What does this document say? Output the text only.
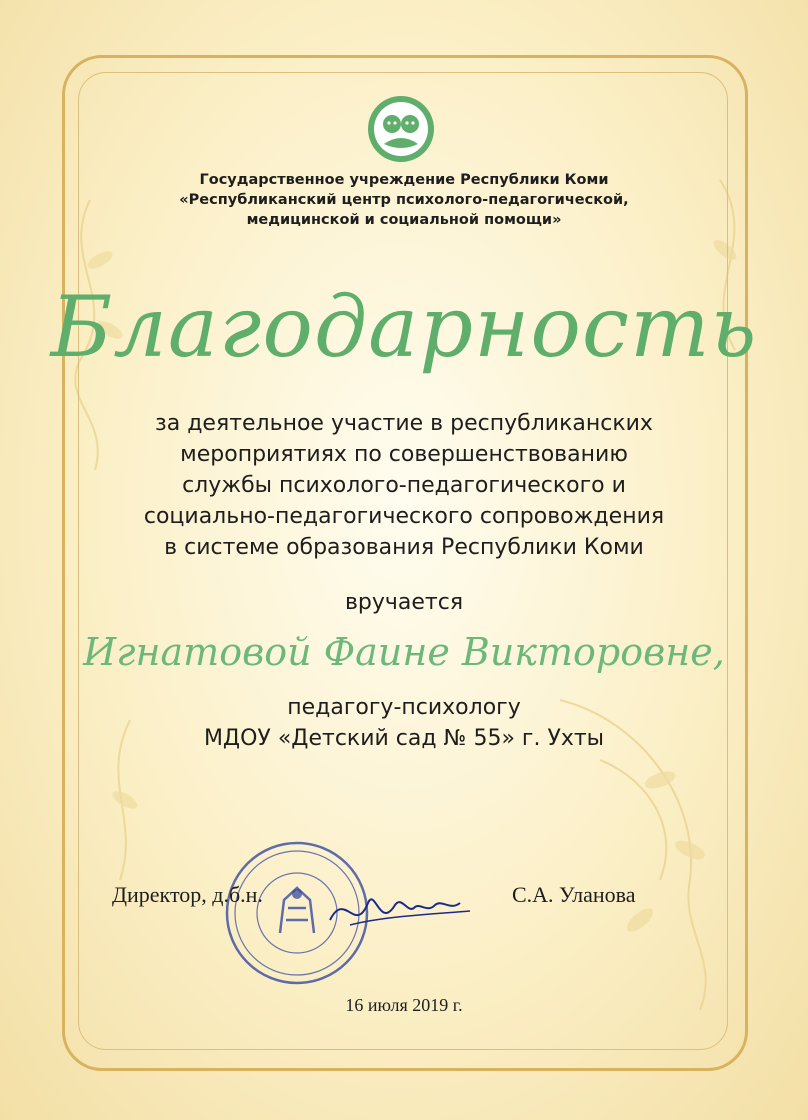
Государственное учреждение Республики Коми
«Республиканский центр психолого-педагогической,
медицинской и социальной помощи»
Благодарность
за деятельное участие в республиканских
мероприятиях по совершенствованию
службы психолого-педагогического и
социально-педагогического сопровождения
в системе образования Республики Коми
вручается
Игнатовой Фаине Викторовне,
педагогу-психологу
МДОУ «Детский сад № 55» г. Ухты
Директор, д.б.н.	С.А. Уланова
16 июля 2019 г.
